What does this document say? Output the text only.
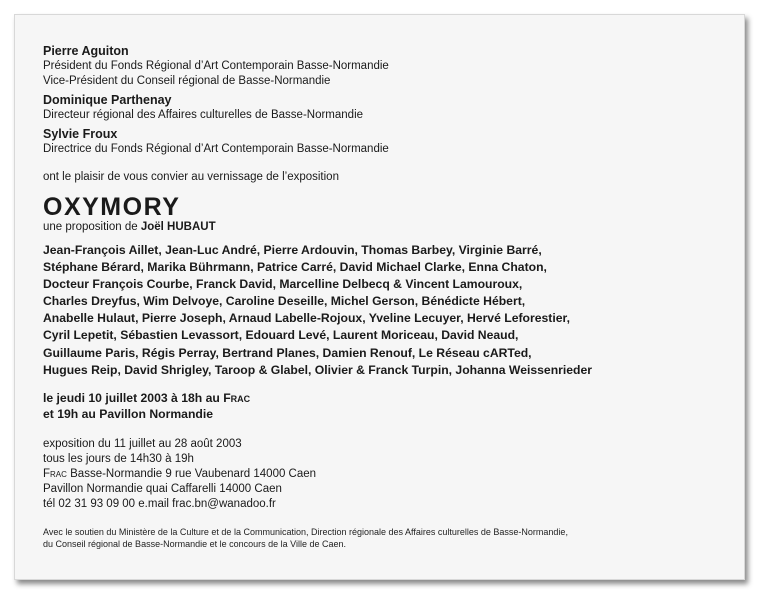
Pierre Aguiton
Président du Fonds Régional d’Art Contemporain Basse-Normandie
Vice-Président du Conseil régional de Basse-Normandie
Dominique Parthenay
Directeur régional des Affaires culturelles de Basse-Normandie
Sylvie Froux
Directrice du Fonds Régional d’Art Contemporain Basse-Normandie
ont le plaisir de vous convier au vernissage de l’exposition
OXYMORY
une proposition de Joël HUBAUT
Jean-François Aillet, Jean-Luc André, Pierre Ardouvin, Thomas Barbey, Virginie Barré,
Stéphane Bérard, Marika Bührmann, Patrice Carré, David Michael Clarke, Enna Chaton,
Docteur François Courbe, Franck David, Marcelline Delbecq & Vincent Lamouroux,
Charles Dreyfus, Wim Delvoye, Caroline Deseille, Michel Gerson, Bénédicte Hébert,
Anabelle Hulaut, Pierre Joseph, Arnaud Labelle-Rojoux, Yveline Lecuyer, Hervé Leforestier,
Cyril Lepetit, Sébastien Levassort, Edouard Levé, Laurent Moriceau, David Neaud,
Guillaume Paris, Régis Perray, Bertrand Planes, Damien Renouf, Le Réseau cARTed,
Hugues Reip, David Shrigley, Taroop & Glabel, Olivier & Franck Turpin, Johanna Weissenrieder
le jeudi 10 juillet 2003 à 18h au Frac
et 19h au Pavillon Normandie
exposition du 11 juillet au 28 août 2003
tous les jours de 14h30 à 19h
Frac Basse-Normandie 9 rue Vaubenard 14000 Caen
Pavillon Normandie quai Caffarelli 14000 Caen
tél 02 31 93 09 00 e.mail frac.bn@wanadoo.fr
Avec le soutien du Ministère de la Culture et de la Communication, Direction régionale des Affaires culturelles de Basse-Normandie,
du Conseil régional de Basse-Normandie et le concours de la Ville de Caen.
